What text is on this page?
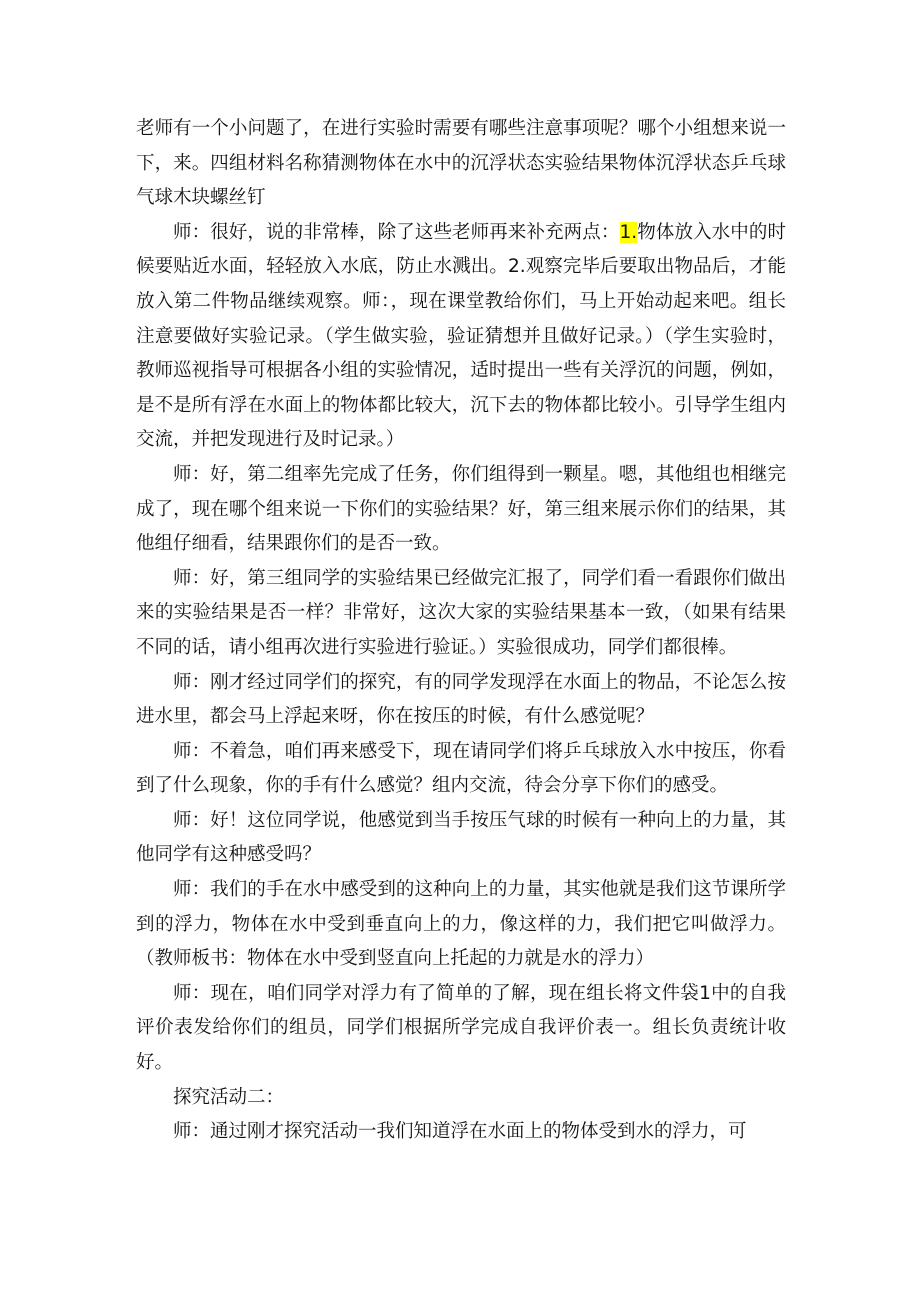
老师有一个小问题了，在进行实验时需要有哪些注意事项呢？哪个小组想来说一下，来。四组材料名称猜测物体在水中的沉浮状态实验结果物体沉浮状态乒乓球气球木块螺丝钉

师：很好，说的非常棒，除了这些老师再来补充两点：1.物体放入水中的时候要贴近水面，轻轻放入水底，防止水溅出。2.观察完毕后要取出物品后，才能放入第二件物品继续观察。师：，现在课堂教给你们，马上开始动起来吧。组长注意要做好实验记录。（学生做实验，验证猜想并且做好记录。）（学生实验时，教师巡视指导可根据各小组的实验情况，适时提出一些有关浮沉的问题，例如，是不是所有浮在水面上的物体都比较大，沉下去的物体都比较小。引导学生组内交流，并把发现进行及时记录。）

师：好，第二组率先完成了任务，你们组得到一颗星。嗯，其他组也相继完成了，现在哪个组来说一下你们的实验结果？好，第三组来展示你们的结果，其他组仔细看，结果跟你们的是否一致。

师：好，第三组同学的实验结果已经做完汇报了，同学们看一看跟你们做出来的实验结果是否一样？非常好，这次大家的实验结果基本一致，（如果有结果不同的话，请小组再次进行实验进行验证。）实验很成功，同学们都很棒。

师：刚才经过同学们的探究，有的同学发现浮在水面上的物品，不论怎么按进水里，都会马上浮起来呀，你在按压的时候，有什么感觉呢？

师：不着急，咱们再来感受下，现在请同学们将乒乓球放入水中按压，你看到了什么现象，你的手有什么感觉？组内交流，待会分享下你们的感受。

师：好！这位同学说，他感觉到当手按压气球的时候有一种向上的力量，其他同学有这种感受吗？

师：我们的手在水中感受到的这种向上的力量，其实他就是我们这节课所学到的浮力，物体在水中受到垂直向上的力，像这样的力，我们把它叫做浮力。（教师板书：物体在水中受到竖直向上托起的力就是水的浮力）

师：现在，咱们同学对浮力有了简单的了解，现在组长将文件袋1中的自我评价表发给你们的组员，同学们根据所学完成自我评价表一。组长负责统计收好。

探究活动二：

师：通过刚才探究活动一我们知道浮在水面上的物体受到水的浮力，可
